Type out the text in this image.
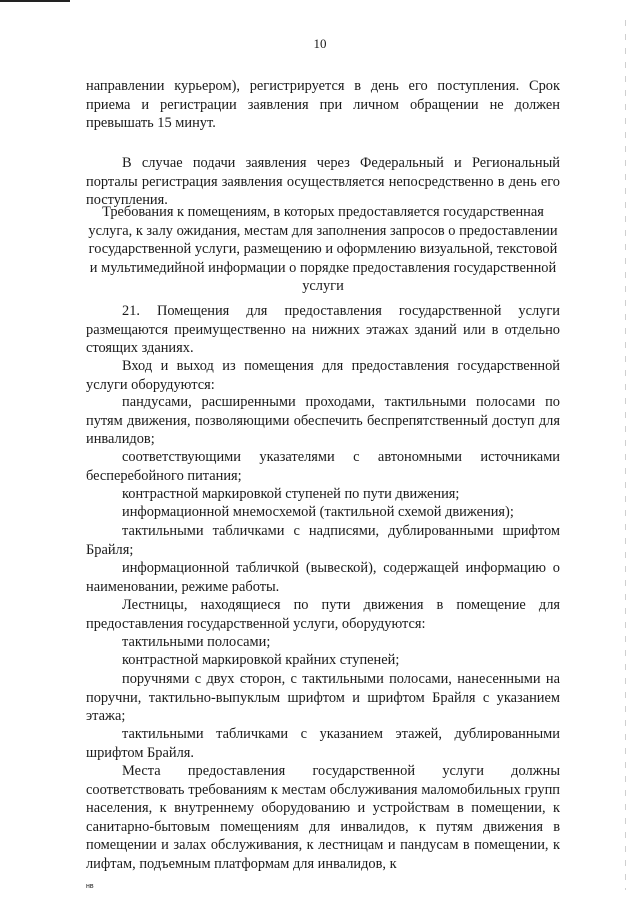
10

направлении курьером), регистрируется в день его поступления. Срок приема и регистрации заявления при личном обращении не должен превышать 15 минут.

В случае подачи заявления через Федеральный и Региональный порталы регистрация заявления осуществляется непосредственно в день его поступления.

Требования к помещениям, в которых предоставляется государственная услуга, к залу ожидания, местам для заполнения запросов о предоставлении государственной услуги, размещению и оформлению визуальной, текстовой и мультимедийной информации о порядке предоставления государственной услуги

21. Помещения для предоставления государственной услуги размещаются преимущественно на нижних этажах зданий или в отдельно стоящих зданиях.

Вход и выход из помещения для предоставления государственной услуги оборудуются:

пандусами, расширенными проходами, тактильными полосами по путям движения, позволяющими обеспечить беспрепятственный доступ для инвалидов;

соответствующими указателями с автономными источниками бесперебойного питания;

контрастной маркировкой ступеней по пути движения;

информационной мнемосхемой (тактильной схемой движения);

тактильными табличками с надписями, дублированными шрифтом Брайля;

информационной табличкой (вывеской), содержащей информацию о наименовании, режиме работы.

Лестницы, находящиеся по пути движения в помещение для предоставления государственной услуги, оборудуются:

тактильными полосами;

контрастной маркировкой крайних ступеней;

поручнями с двух сторон, с тактильными полосами, нанесенными на поручни, тактильно-выпуклым шрифтом и шрифтом Брайля с указанием этажа;

тактильными табличками с указанием этажей, дублированными шрифтом Брайля.

Места предоставления государственной услуги должны соответствовать требованиям к местам обслуживания маломобильных групп населения, к внутреннему оборудованию и устройствам в помещении, к санитарно-бытовым помещениям для инвалидов, к путям движения в помещении и залах обслуживания, к лестницам и пандусам в помещении, к лифтам, подъемным платформам для инвалидов, к

нв
